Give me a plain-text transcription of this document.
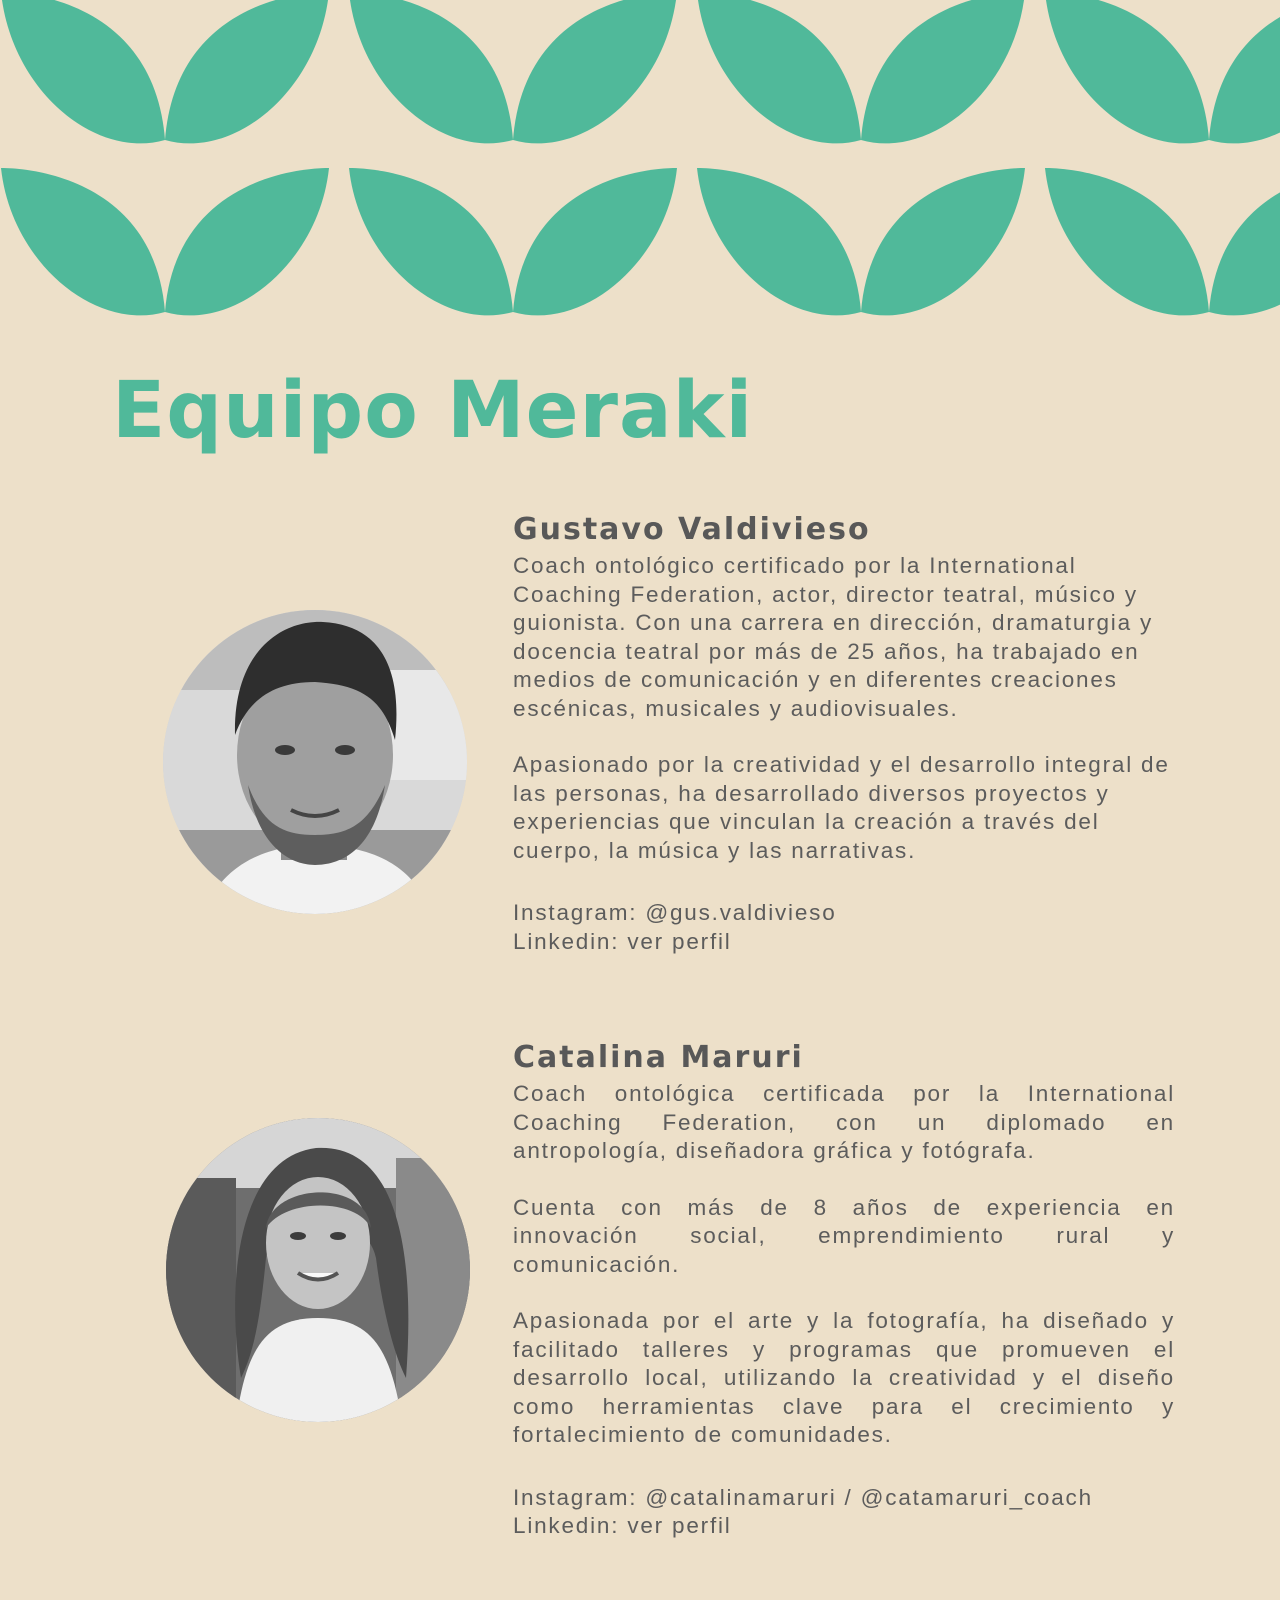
Equipo Meraki
Gustavo Valdivieso

Coach ontológico certificado por la International Coaching Federation, actor, director teatral, músico y guionista. Con una carrera en dirección, dramaturgia y docencia teatral por más de 25 años, ha trabajado en medios de comunicación y en diferentes creaciones escénicas, musicales y audiovisuales.

Apasionado por la creatividad y el desarrollo integral de las personas, ha desarrollado diversos proyectos y experiencias que vinculan la creación a través del cuerpo, la música y las narrativas.

Instagram: @gus.valdivieso
Linkedin: ver perfil
Catalina Maruri

Coach ontológica certificada por la International Coaching Federation, con un diplomado en antropología, diseñadora gráfica y fotógrafa.

Cuenta con más de 8 años de experiencia en innovación social, emprendimiento rural y comunicación.

Apasionada por el arte y la fotografía, ha diseñado y facilitado talleres y programas que promueven el desarrollo local, utilizando la creatividad y el diseño como herramientas clave para el crecimiento y fortalecimiento de comunidades.

Instagram: @catalinamaruri / @catamaruri_coach
Linkedin: ver perfil
